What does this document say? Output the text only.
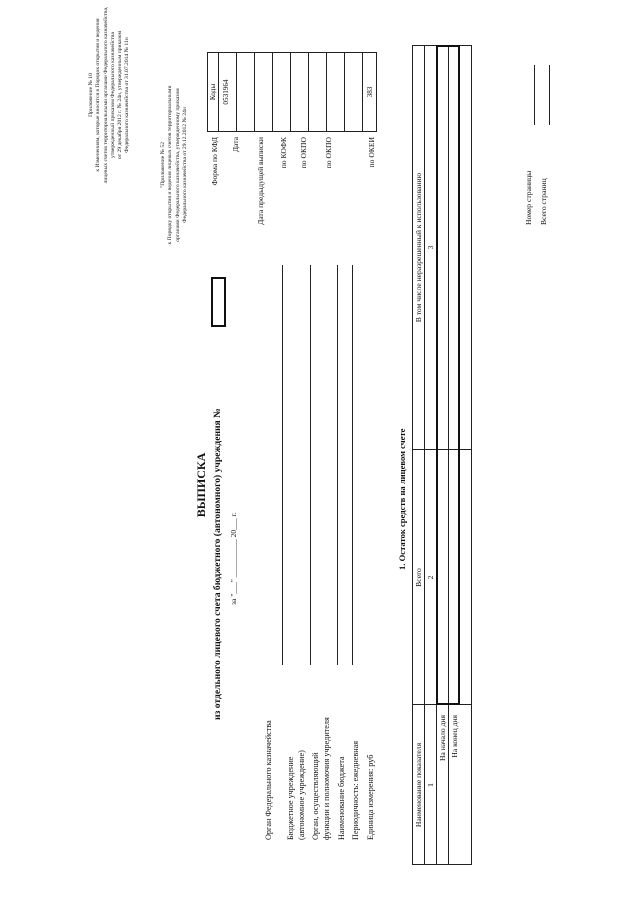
Приложение № 10 к Изменениям, которые вносятся в Порядок открытия и ведения лицевых счетов территориальными органами Федерального казначейства, утвержденный приказом Федерального казначейства от 29 декабря 2012 г. № 24н, утвержденным приказом Федерального казначейства от 31.07.2014 № 11н
"Приложение № 52 к Порядку открытия и ведения лицевых счетов территориальными органами Федерального казначейства, утвержденному приказом Федерального казначейства от 29.12.2012 № 24н
ВЫПИСКА из отдельного лицевого счета бюджетного (автономного) учреждения № за "___" __________ 20___ г.
Коды
Форма по КФД
0531964
Дата Дата предыдущей выписки по КОФК по ОКПО по ОКПО	по ОКЕИ
383
Орган Федерального казначейства Бюджетное учреждение (автономное учреждение) Орган, осуществляющий функции и полномочия учредителя Наименование бюджета Периодичность: ежедневная Единица измерения: руб
1. Остаток средств на лицевом счете
Наименование показателя
Всего
В том числе неразрешенный к использованию
1
2
3
На начало дня На конец дня
Номер страницы Всего страниц
